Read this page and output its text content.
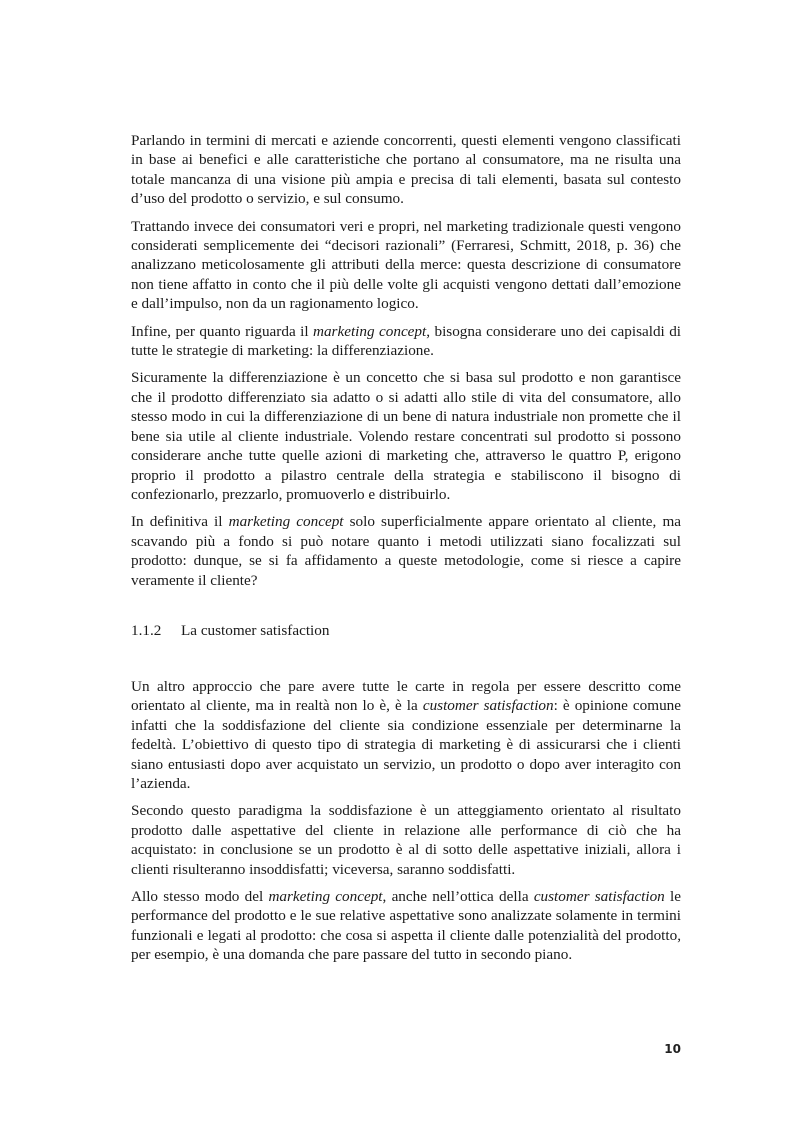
Parlando in termini di mercati e aziende concorrenti, questi elementi vengono classificati in base ai benefici e alle caratteristiche che portano al consumatore, ma ne risulta una totale mancanza di una visione più ampia e precisa di tali elementi, basata sul contesto d’uso del prodotto o servizio, e sul consumo.

Trattando invece dei consumatori veri e propri, nel marketing tradizionale questi vengono considerati semplicemente dei “decisori razionali” (Ferraresi, Schmitt, 2018, p. 36) che analizzano meticolosamente gli attributi della merce: questa descrizione di consumatore non tiene affatto in conto che il più delle volte gli acquisti vengono dettati dall’emozione e dall’impulso, non da un ragionamento logico.

Infine, per quanto riguarda il marketing concept, bisogna considerare uno dei capisaldi di tutte le strategie di marketing: la differenziazione.

Sicuramente la differenziazione è un concetto che si basa sul prodotto e non garantisce che il prodotto differenziato sia adatto o si adatti allo stile di vita del consumatore, allo stesso modo in cui la differenziazione di un bene di natura industriale non promette che il bene sia utile al cliente industriale. Volendo restare concentrati sul prodotto si possono considerare anche tutte quelle azioni di marketing che, attraverso le quattro P, erigono proprio il prodotto a pilastro centrale della strategia e stabiliscono il bisogno di confezionarlo, prezzarlo, promuoverlo e distribuirlo.

In definitiva il marketing concept solo superficialmente appare orientato al cliente, ma scavando più a fondo si può notare quanto i metodi utilizzati siano focalizzati sul prodotto: dunque, se si fa affidamento a queste metodologie, come si riesce a capire veramente il cliente?

1.1.2	La customer satisfaction

Un altro approccio che pare avere tutte le carte in regola per essere descritto come orientato al cliente, ma in realtà non lo è, è la customer satisfaction: è opinione comune infatti che la soddisfazione del cliente sia condizione essenziale per determinarne la fedeltà. L’obiettivo di questo tipo di strategia di marketing è di assicurarsi che i clienti siano entusiasti dopo aver acquistato un servizio, un prodotto o dopo aver interagito con l’azienda.

Secondo questo paradigma la soddisfazione è un atteggiamento orientato al risultato prodotto dalle aspettative del cliente in relazione alle performance di ciò che ha acquistato: in conclusione se un prodotto è al di sotto delle aspettative iniziali, allora i clienti risulteranno insoddisfatti; viceversa, saranno soddisfatti.

Allo stesso modo del marketing concept, anche nell’ottica della customer satisfaction le performance del prodotto e le sue relative aspettative sono analizzate solamente in termini funzionali e legati al prodotto: che cosa si aspetta il cliente dalle potenzialità del prodotto, per esempio, è una domanda che pare passare del tutto in secondo piano.

10
